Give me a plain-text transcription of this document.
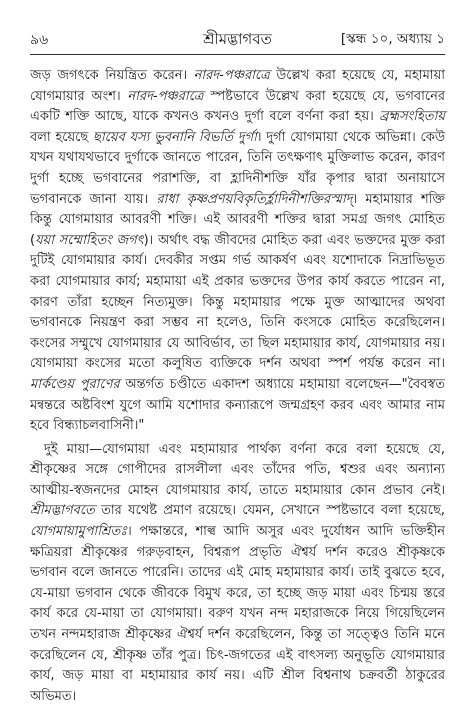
৯৬	শ্রীমদ্ভাগবত	[স্কন্ধ ১০, অধ্যায় ১

জড় জগৎকে নিয়ন্ত্রিত করেন। নারদ-পঞ্চরাত্রে উল্লেখ করা হয়েছে যে, মহামায়া যোগমায়ার অংশ। নারদ-পঞ্চরাত্রে স্পষ্টভাবে উল্লেখ করা হয়েছে যে, ভগবানের একটি শক্তি আছে, যাকে কখনও কখনও দুর্গা বলে বর্ণনা করা হয়। ব্রহ্মসংহিতায় বলা হয়েছে ছায়েব যস্য ভুবনানি বিভর্তি দুর্গা। দুর্গা যোগমায়া থেকে অভিন্না। কেউ যখন যথাযথভাবে দুর্গাকে জানতে পারেন, তিনি তৎক্ষণাৎ মুক্তিলাভ করেন, কারণ দুর্গা হচ্ছে ভগবানের পরাশক্তি, বা হ্লাদিনীশক্তি যাঁর কৃপার দ্বারা অনায়াসে ভগবানকে জানা যায়। রাধা কৃষ্ণপ্রণয়বিকৃতির্হ্লাদিনীশক্তিরস্মাদ্। মহামায়ার শক্তি কিন্তু যোগমায়ার আবরণী শক্তি। এই আবরণী শক্তির দ্বারা সমগ্র জগৎ মোহিত (যয়া সম্মোহিতং জগৎ)। অর্থাৎ বদ্ধ জীবদের মোহিত করা এবং ভক্তদের মুক্ত করা দুটিই যোগমায়ার কার্য। দেবকীর সপ্তম গর্ভ আকর্ষণ এবং যশোদাকে নিদ্রাভিভূত করা যোগমায়ার কার্য; মহামায়া এই প্রকার ভক্তদের উপর কার্য করতে পারেন না, কারণ তাঁরা হচ্ছেন নিত্যমুক্ত। কিন্তু মহামায়ার পক্ষে মুক্ত আত্মাদের অথবা ভগবানকে নিয়ন্ত্রণ করা সম্ভব না হলেও, তিনি কংসকে মোহিত করেছিলেন। কংসের সম্মুখে যোগমায়ার যে আবির্ভাব, তা ছিল মহামায়ার কার্য, যোগমায়ার নয়। যোগমায়া কংসের মতো কলুষিত ব্যক্তিকে দর্শন অথবা স্পর্শ পর্যন্ত করেন না। মার্কণ্ডেয় পুরাণের অন্তর্গত চণ্ডীতে একাদশ অধ্যায়ে মহামায়া বলেছেন—"বৈবস্বত মন্বন্তরে অষ্টবিংশ যুগে আমি যশোদার কন্যারূপে জন্মগ্রহণ করব এবং আমার নাম হবে বিন্ধ্যাচলবাসিনী।"

দুই মায়া—যোগমায়া এবং মহামায়ার পার্থক্য বর্ণনা করে বলা হয়েছে যে, শ্রীকৃষ্ণের সঙ্গে গোপীদের রাসলীলা এবং তাঁদের পতি, শ্বশুর এবং অন্যান্য আত্মীয়-স্বজনদের মোহন যোগমায়ার কার্য, তাতে মহামায়ার কোন প্রভাব নেই। শ্রীমদ্ভাগবতে তার যথেষ্ট প্রমাণ রয়েছে। যেমন, সেখানে স্পষ্টভাবে বলা হয়েছে, যোগমায়ামুপাশ্রিতঃ। পক্ষান্তরে, শাল্ব আদি অসুর এবং দুর্যোধন আদি ভক্তিহীন ক্ষত্রিয়রা শ্রীকৃষ্ণের গরুড়বাহন, বিশ্বরূপ প্রভৃতি ঐশ্বর্য দর্শন করেও শ্রীকৃষ্ণকে ভগবান বলে জানতে পারেনি। তাদের এই মোহ মহামায়ার কার্য। তাই বুঝতে হবে, যে-মায়া ভগবান থেকে জীবকে বিমুখ করে, তা হচ্ছে জড় মায়া এবং চিন্ময় স্তরে কার্য করে যে-মায়া তা যোগমায়া। বরুণ যখন নন্দ মহারাজকে নিয়ে গিয়েছিলেন তখন নন্দমহারাজ শ্রীকৃষ্ণের ঐশ্বর্য দর্শন করেছিলেন, কিন্তু তা সত্ত্বেও তিনি মনে করেছিলেন যে, শ্রীকৃষ্ণ তাঁর পুত্র। চিৎ-জগতের এই বাৎসল্য অনুভূতি যোগমায়ার কার্য, জড় মায়া বা মহামায়ার কার্য নয়। এটি শ্রীল বিশ্বনাথ চক্রবর্তী ঠাকুরের অভিমত।
